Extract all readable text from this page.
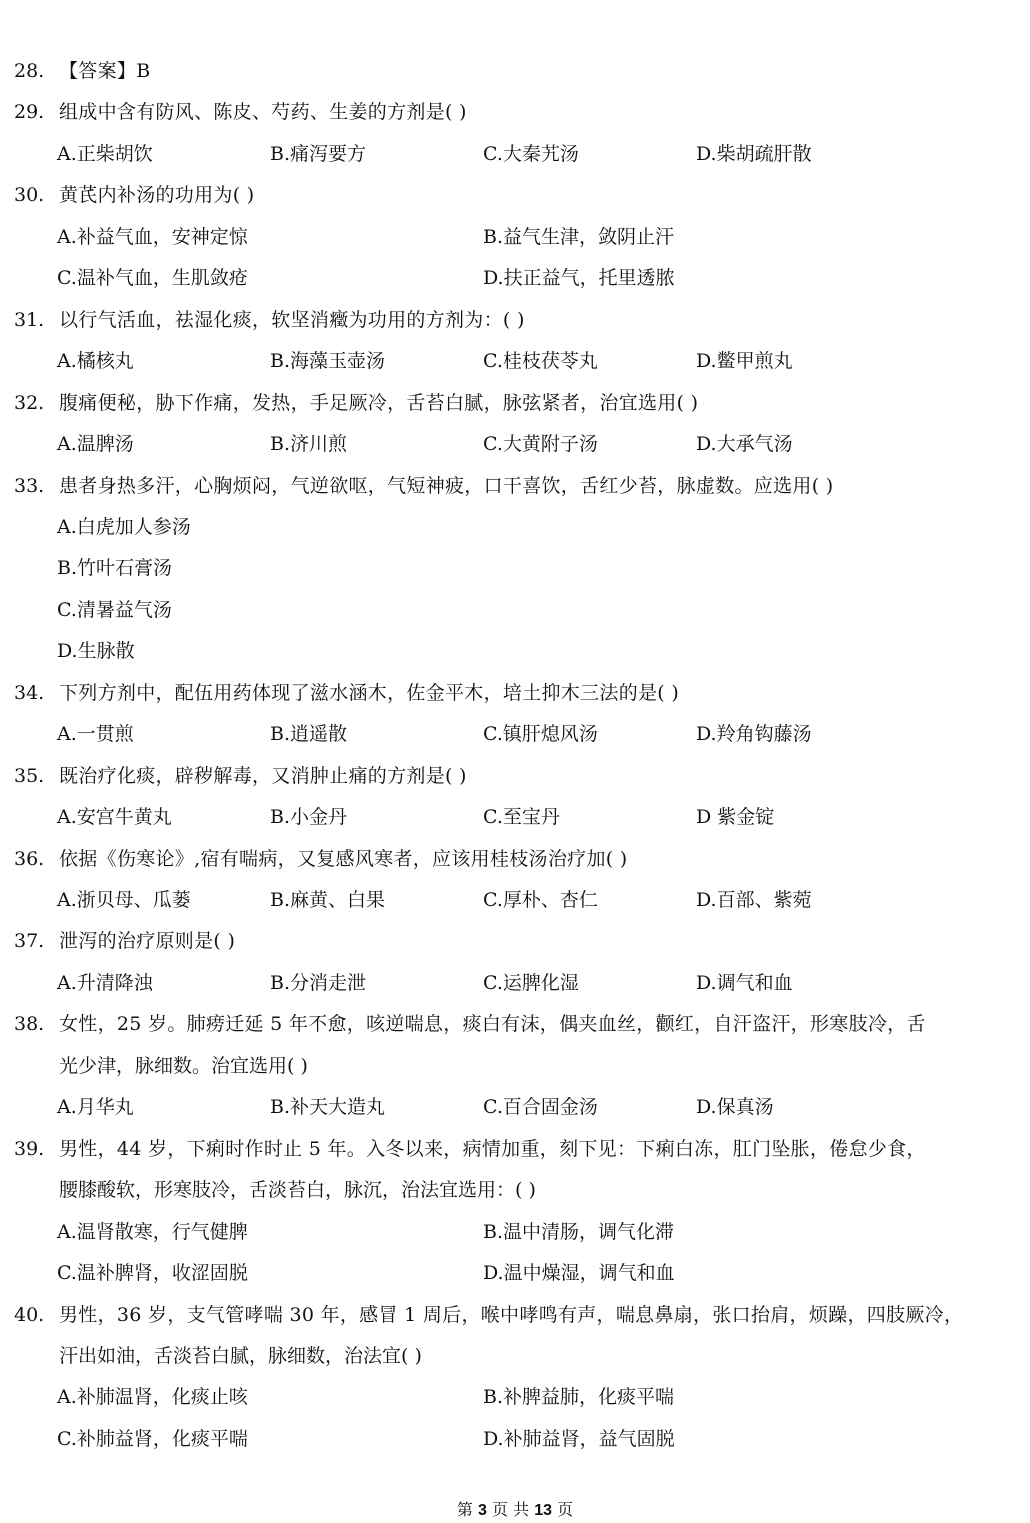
28. 【答案】B
29. 组成中含有防风、陈皮、芍药、生姜的方剂是( )
A.正柴胡饮	B.痛泻要方	C.大秦艽汤	D.柴胡疏肝散
30. 黄芪内补汤的功用为( )
A.补益气血，安神定惊	B.益气生津，敛阴止汗
C.温补气血，生肌敛疮	D.扶正益气，托里透脓
31. 以行气活血，祛湿化痰，软坚消癥为功用的方剂为：( )
A.橘核丸	B.海藻玉壶汤	C.桂枝茯苓丸	D.鳖甲煎丸
32. 腹痛便秘，胁下作痛，发热，手足厥冷，舌苔白腻，脉弦紧者，治宜选用( )
A.温脾汤	B.济川煎	C.大黄附子汤	D.大承气汤
33. 患者身热多汗，心胸烦闷，气逆欲呕，气短神疲，口干喜饮，舌红少苔，脉虚数。应选用( )
A.白虎加人参汤
B.竹叶石膏汤
C.清暑益气汤
D.生脉散
34. 下列方剂中，配伍用药体现了滋水涵木，佐金平木，培土抑木三法的是( )
A.一贯煎	B.逍遥散	C.镇肝熄风汤	D.羚角钩藤汤
35. 既治疗化痰，辟秽解毒，又消肿止痛的方剂是( )
A.安宫牛黄丸	B.小金丹	C.至宝丹	D 紫金锭
36. 依据《伤寒论》,宿有喘病，又复感风寒者，应该用桂枝汤治疗加( )
A.浙贝母、瓜蒌	B.麻黄、白果	C.厚朴、杏仁	D.百部、紫菀
37. 泄泻的治疗原则是( )
A.升清降浊	B.分消走泄	C.运脾化湿	D.调气和血
38. 女性，25 岁。肺痨迁延 5 年不愈，咳逆喘息，痰白有沫，偶夹血丝，颧红，自汗盗汗，形寒肢冷，舌
光少津，脉细数。治宜选用( )
A.月华丸	B.补天大造丸	C.百合固金汤	D.保真汤
39. 男性，44 岁，下痢时作时止 5 年。入冬以来，病情加重，刻下见：下痢白冻，肛门坠胀，倦怠少食，
腰膝酸软，形寒肢冷，舌淡苔白，脉沉，治法宜选用：( )
A.温肾散寒，行气健脾	B.温中清肠，调气化滞
C.温补脾肾，收涩固脱	D.温中燥湿，调气和血
40. 男性，36 岁，支气管哮喘 30 年，感冒 1 周后，喉中哮鸣有声，喘息鼻扇，张口抬肩，烦躁，四肢厥冷，
汗出如油，舌淡苔白腻，脉细数，治法宜( )
A.补肺温肾，化痰止咳	B.补脾益肺，化痰平喘
C.补肺益肾，化痰平喘	D.补肺益肾，益气固脱
第 3 页 共 13 页
